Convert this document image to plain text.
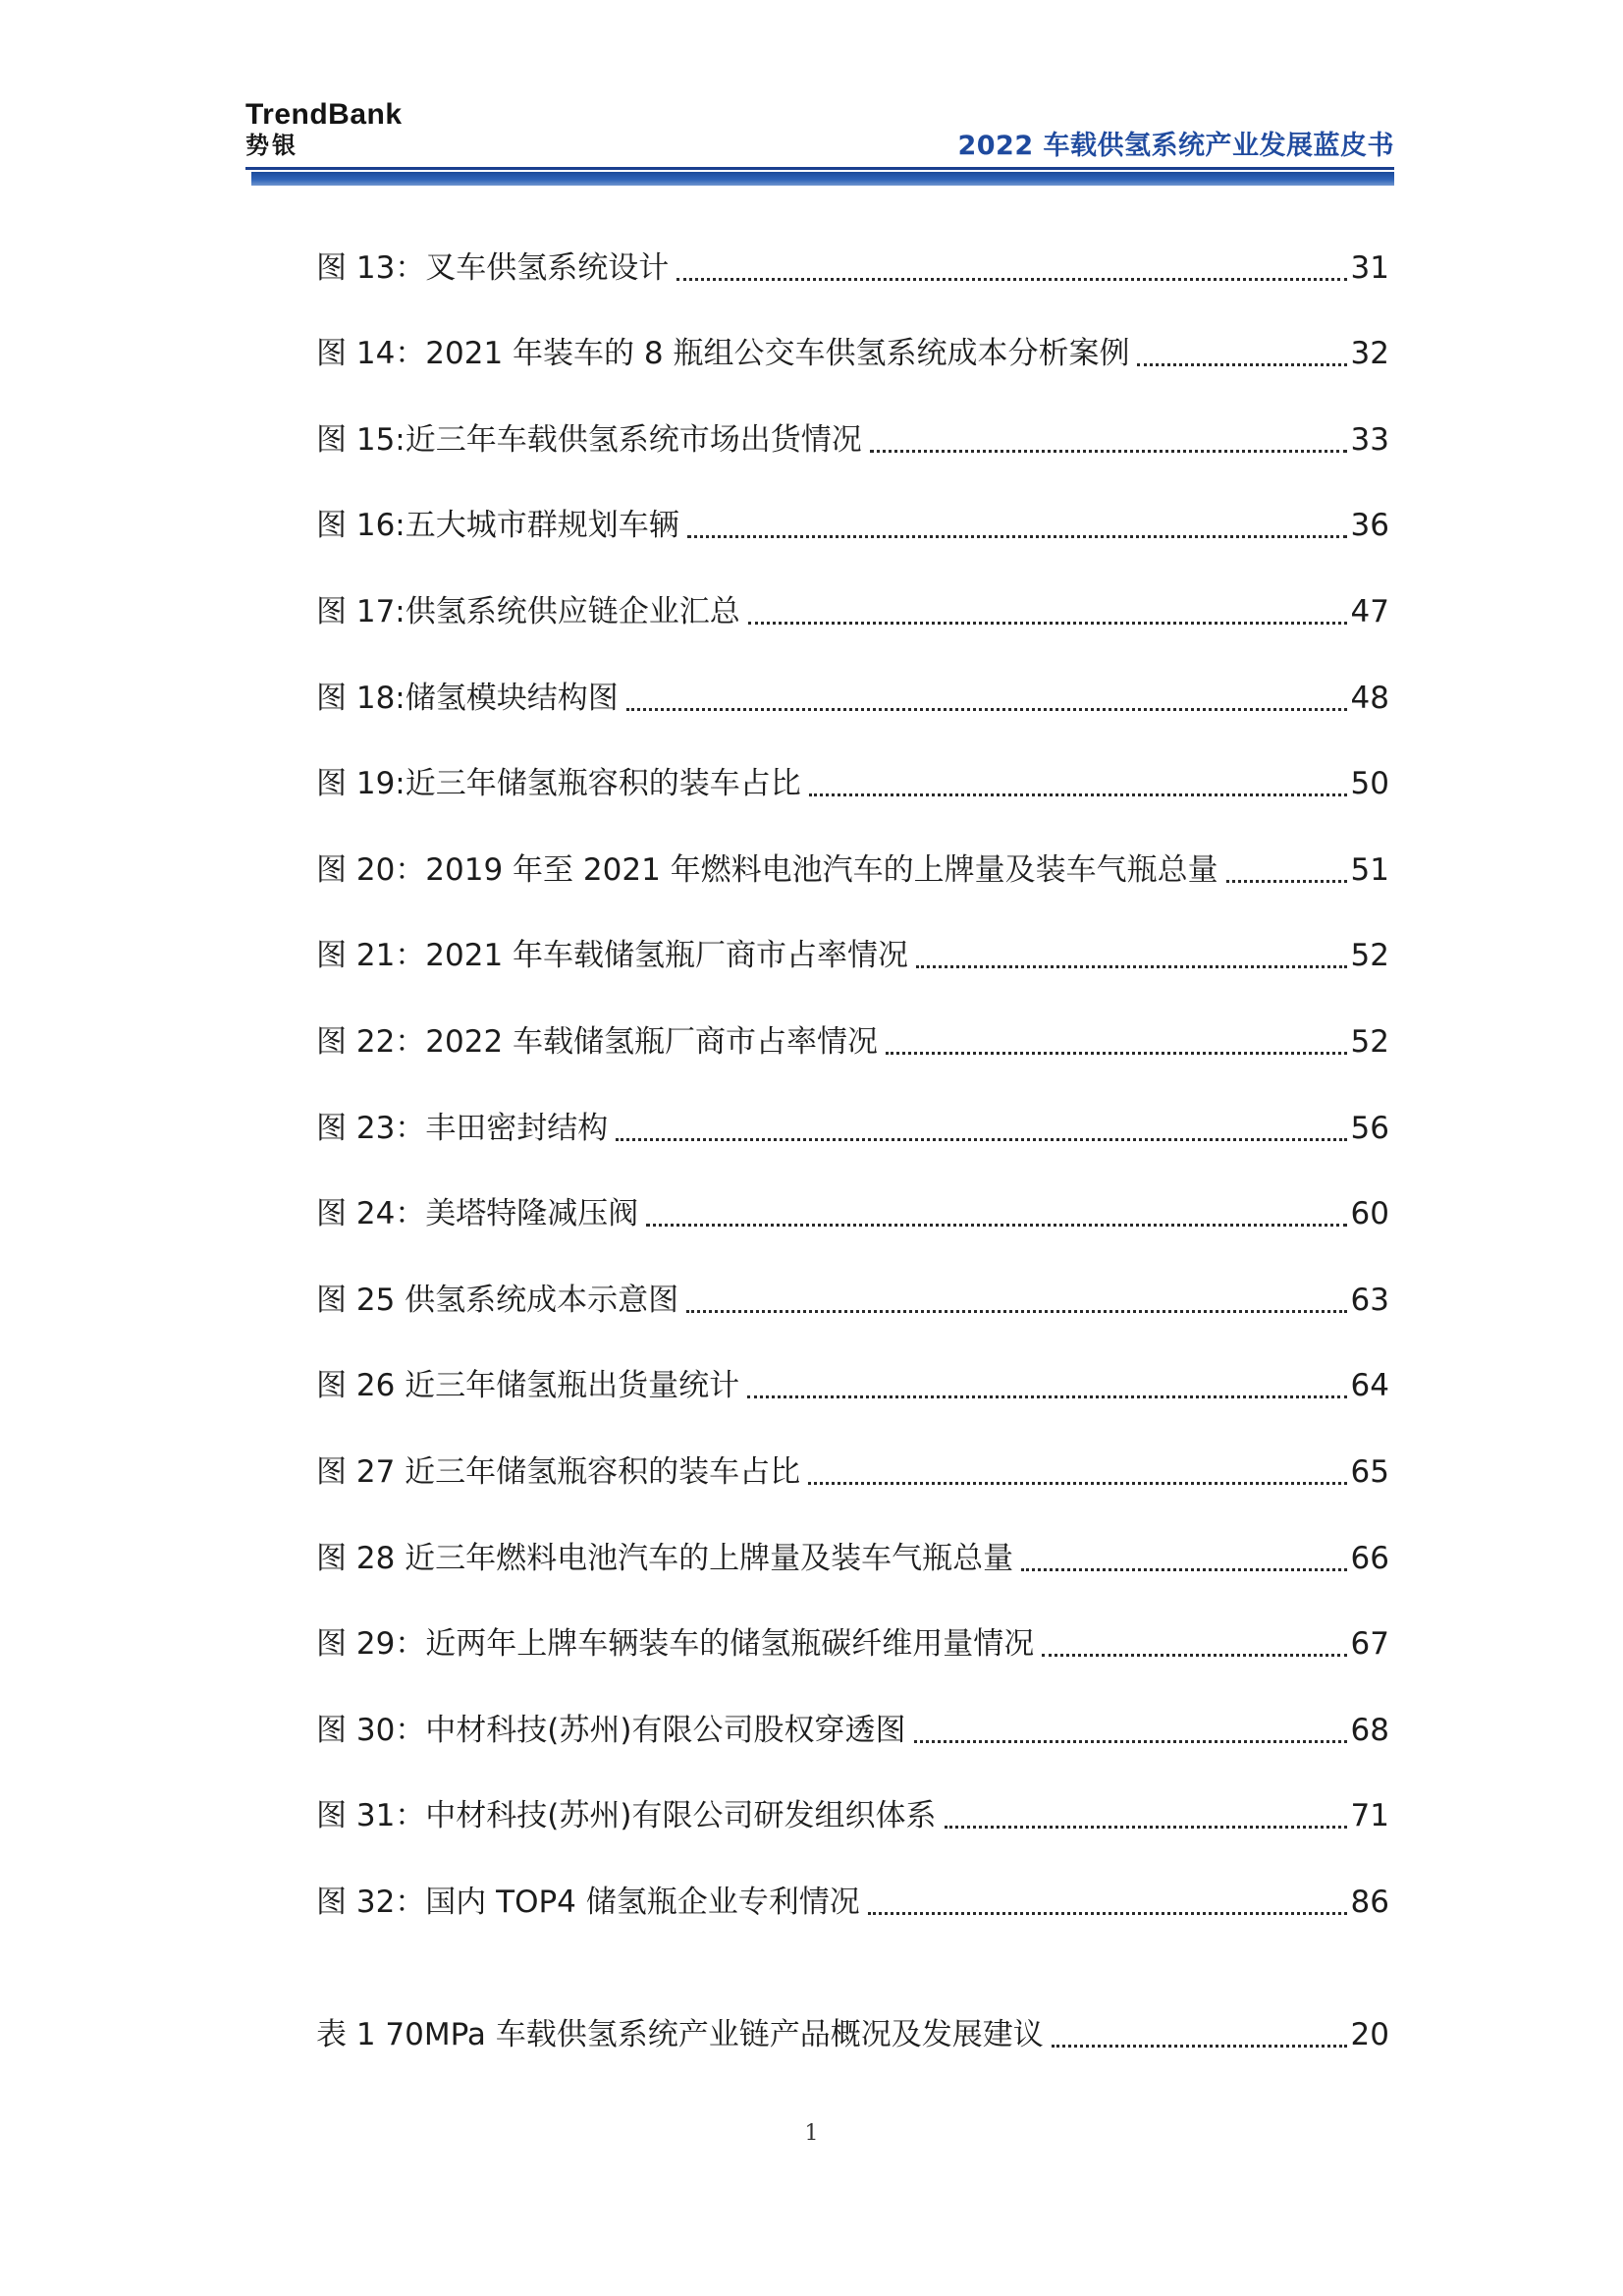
TrendBank
势银	2022 车载供氢系统产业发展蓝皮书
图 13：叉车供氢系统设计	31
图 14：2021 年装车的 8 瓶组公交车供氢系统成本分析案例	32
图 15:近三年车载供氢系统市场出货情况	33
图 16:五大城市群规划车辆	36
图 17:供氢系统供应链企业汇总	47
图 18:储氢模块结构图	48
图 19:近三年储氢瓶容积的装车占比	50
图 20：2019 年至 2021 年燃料电池汽车的上牌量及装车气瓶总量	51
图 21：2021 年车载储氢瓶厂商市占率情况	52
图 22：2022 车载储氢瓶厂商市占率情况	52
图 23：丰田密封结构	56
图 24：美塔特隆减压阀	60
图 25 供氢系统成本示意图	63
图 26 近三年储氢瓶出货量统计	64
图 27 近三年储氢瓶容积的装车占比	65
图 28 近三年燃料电池汽车的上牌量及装车气瓶总量	66
图 29：近两年上牌车辆装车的储氢瓶碳纤维用量情况	67
图 30：中材科技(苏州)有限公司股权穿透图	68
图 31：中材科技(苏州)有限公司研发组织体系	71
图 32：国内 TOP4 储氢瓶企业专利情况	86
表 1 70MPa 车载供氢系统产业链产品概况及发展建议	20
1
